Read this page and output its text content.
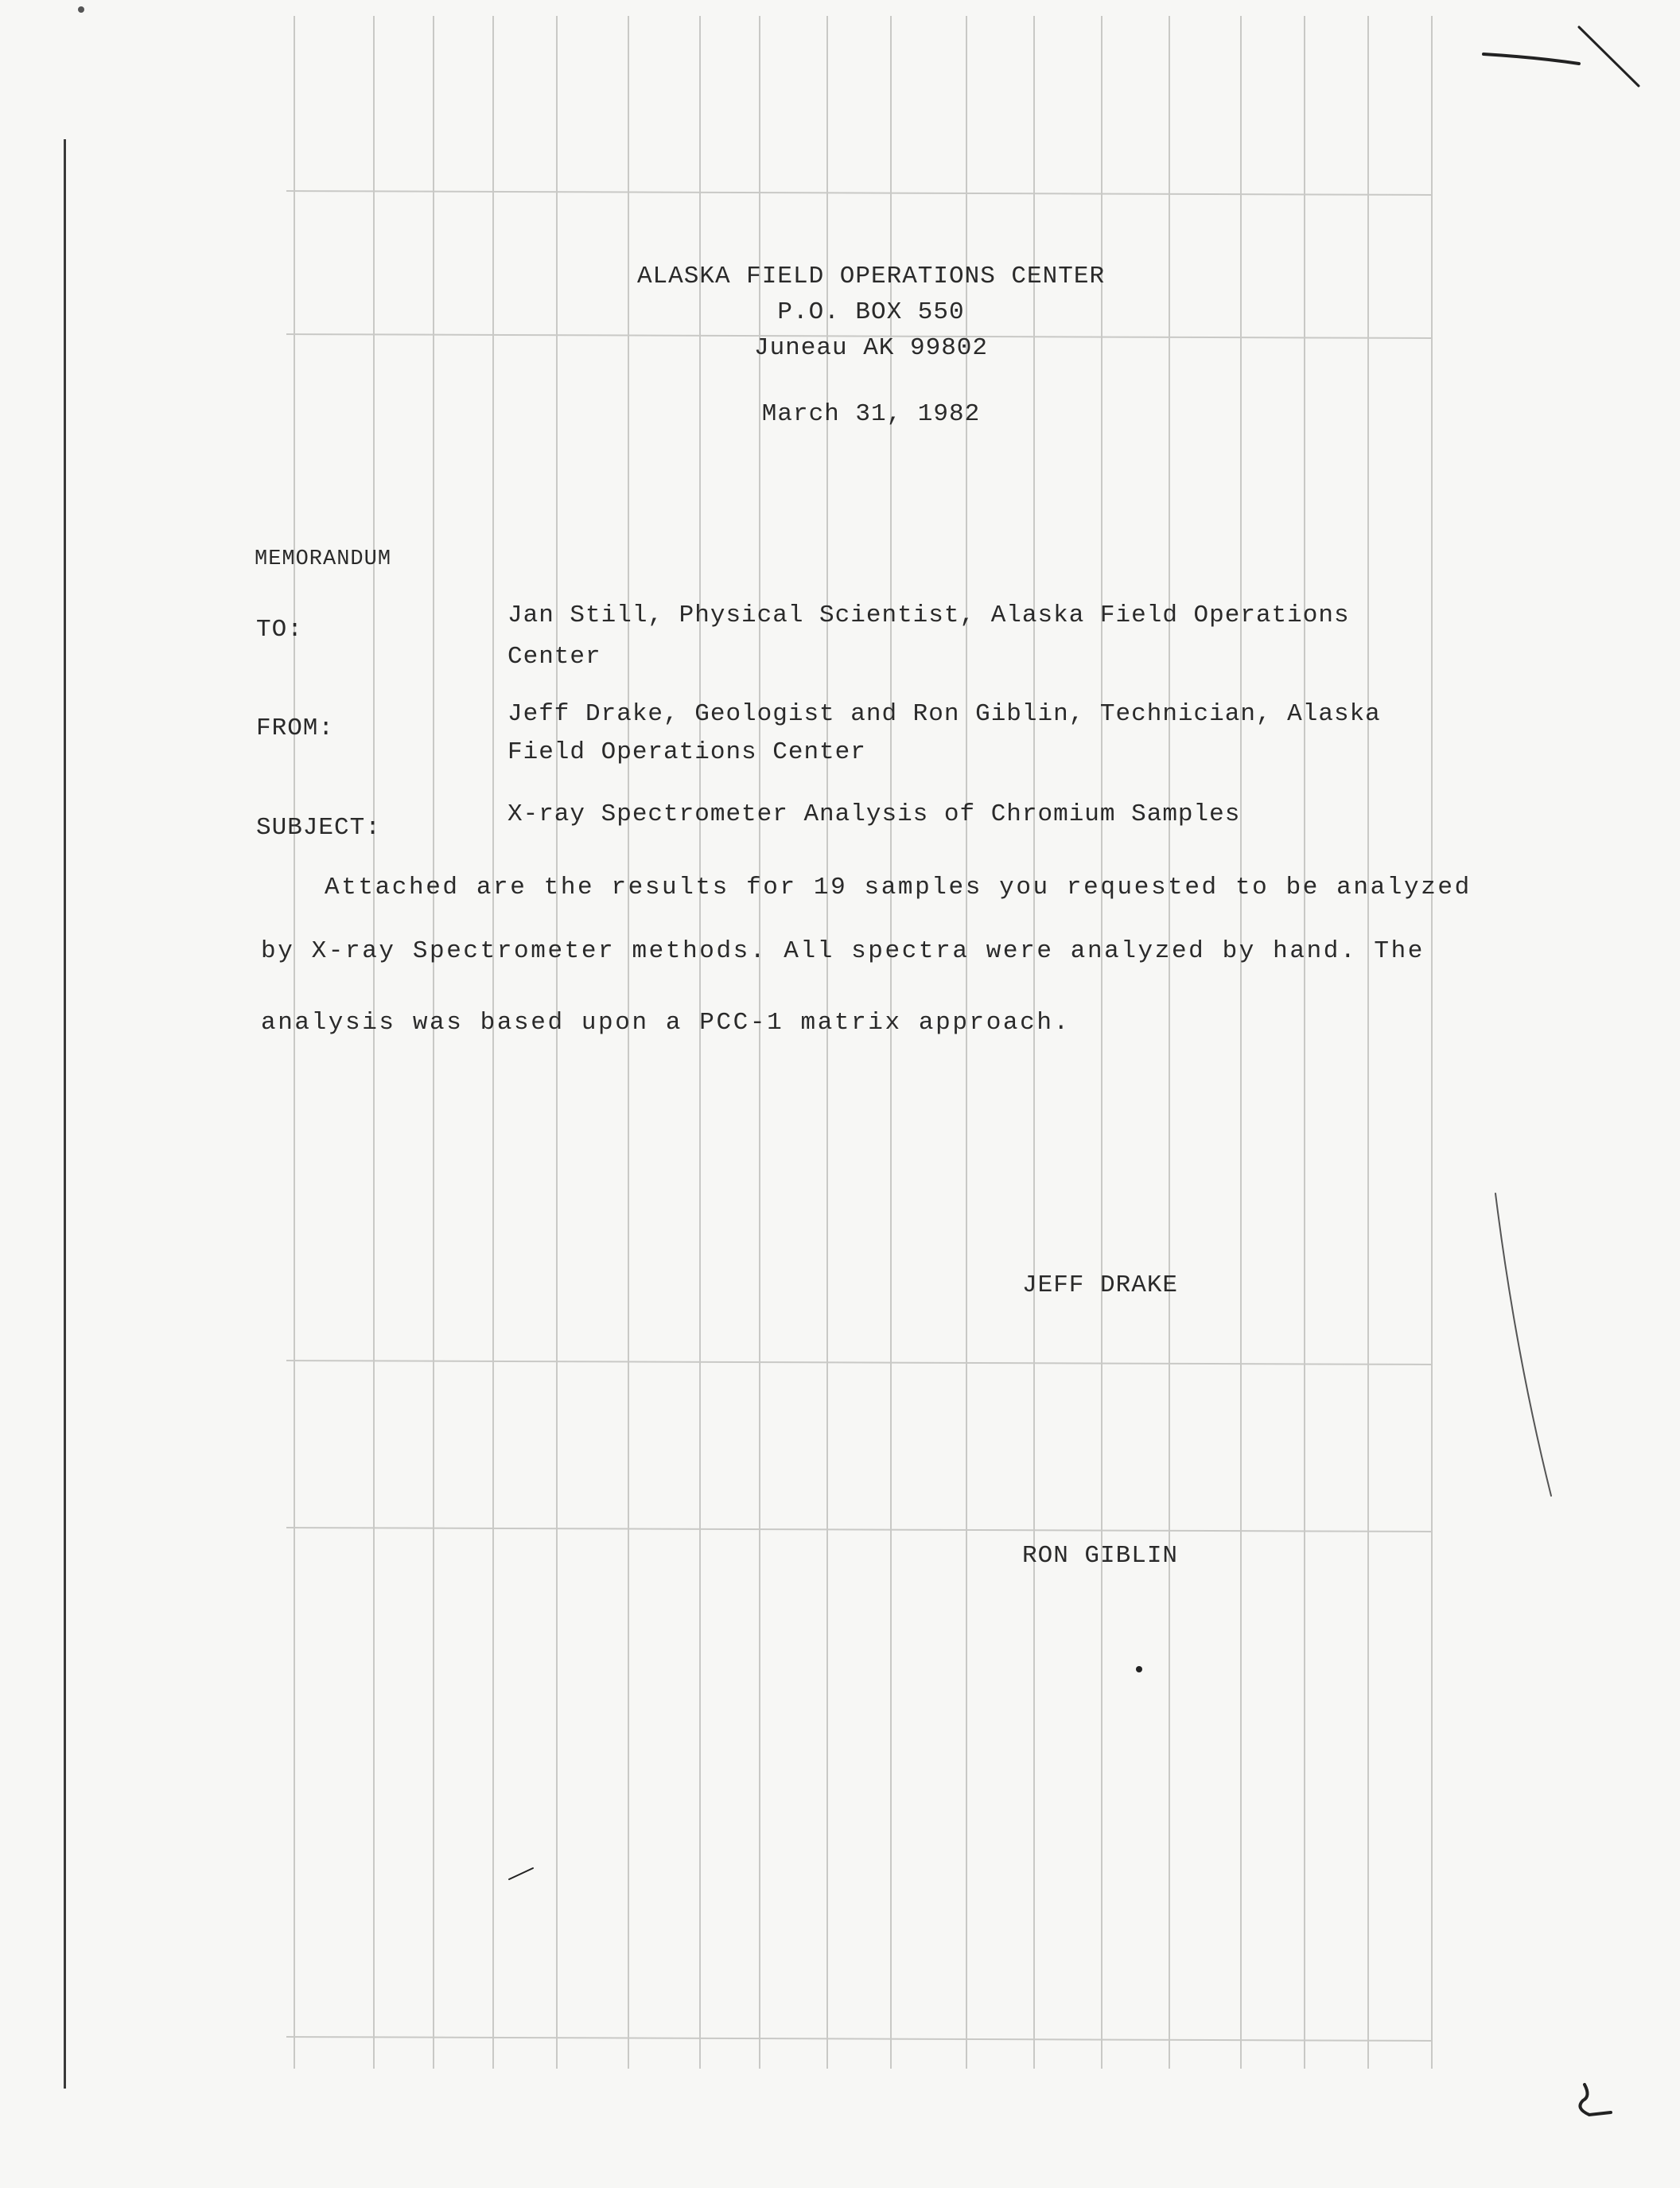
ALASKA FIELD OPERATIONS CENTER
P.O. BOX 550
Juneau AK 99802
March 31, 1982
MEMORANDUM
TO:
Jan Still, Physical Scientist, Alaska Field Operations
Center
FROM:
Jeff Drake, Geologist and Ron Giblin, Technician, Alaska
Field Operations Center
SUBJECT:	X-ray Spectrometer Analysis of Chromium Samples
Attached are the results for 19 samples you requested to be analyzed
by X-ray Spectrometer methods. All spectra were analyzed by hand. The
analysis was based upon a PCC-1 matrix approach.
JEFF DRAKE
RON GIBLIN
